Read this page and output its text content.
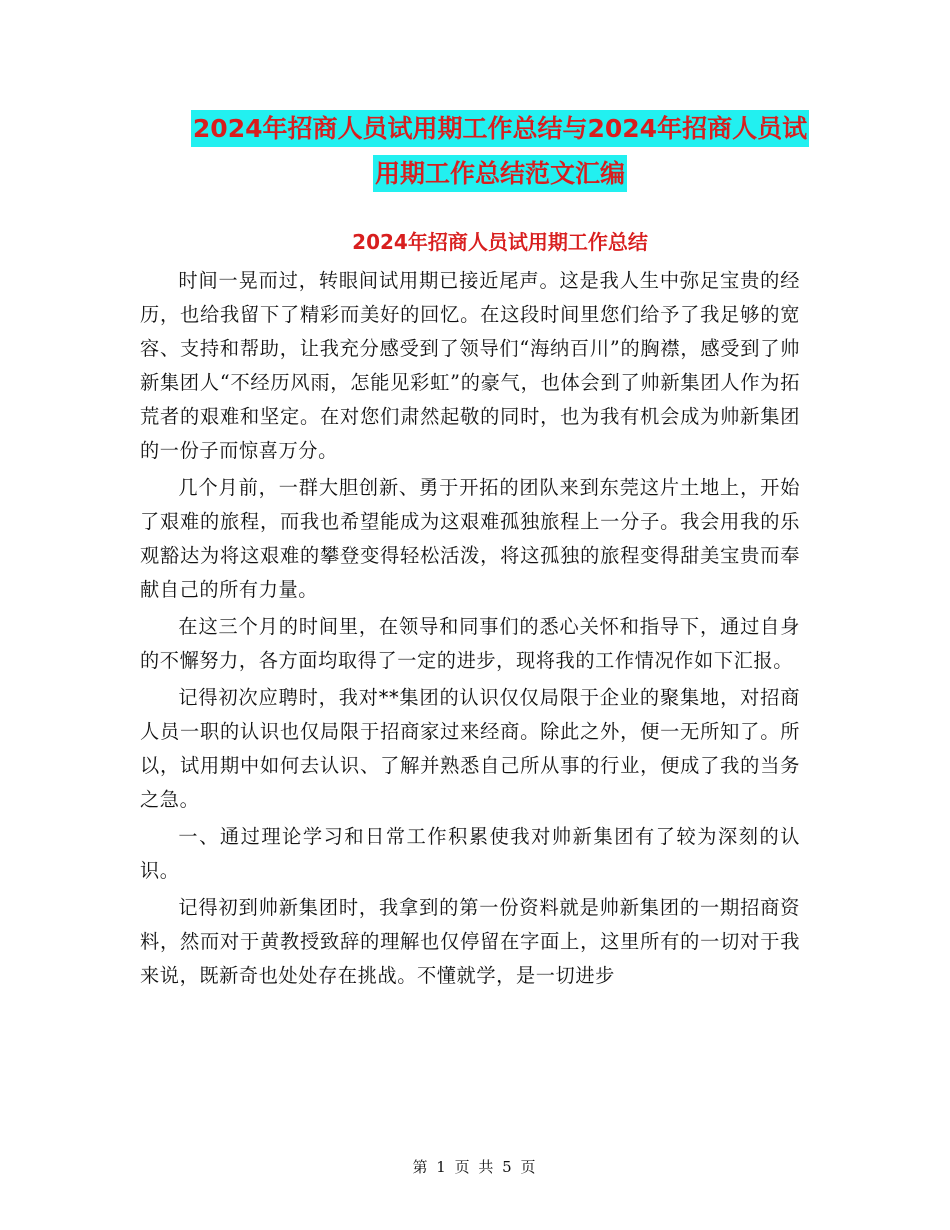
2024年招商人员试用期工作总结与2024年招商人员试
用期工作总结范文汇编
2024年招商人员试用期工作总结

时间一晃而过，转眼间试用期已接近尾声。这是我人生中弥足宝贵的经历，也给我留下了精彩而美好的回忆。在这段时间里您们给予了我足够的宽容、支持和帮助，让我充分感受到了领导们“海纳百川”的胸襟，感受到了帅新集团人“不经历风雨，怎能见彩虹”的豪气，也体会到了帅新集团人作为拓荒者的艰难和坚定。在对您们肃然起敬的同时，也为我有机会成为帅新集团的一份子而惊喜万分。

几个月前，一群大胆创新、勇于开拓的团队来到东莞这片土地上，开始了艰难的旅程，而我也希望能成为这艰难孤独旅程上一分子。我会用我的乐观豁达为将这艰难的攀登变得轻松活泼，将这孤独的旅程变得甜美宝贵而奉献自己的所有力量。

在这三个月的时间里，在领导和同事们的悉心关怀和指导下，通过自身的不懈努力，各方面均取得了一定的进步，现将我的工作情况作如下汇报。

记得初次应聘时，我对**集团的认识仅仅局限于企业的聚集地，对招商人员一职的认识也仅局限于招商家过来经商。除此之外，便一无所知了。所以，试用期中如何去认识、了解并熟悉自己所从事的行业，便成了我的当务之急。

一、通过理论学习和日常工作积累使我对帅新集团有了较为深刻的认识。

记得初到帅新集团时，我拿到的第一份资料就是帅新集团的一期招商资料，然而对于黄教授致辞的理解也仅停留在字面上，这里所有的一切对于我来说，既新奇也处处存在挑战。不懂就学，是一切进步

第 1 页 共 5 页
